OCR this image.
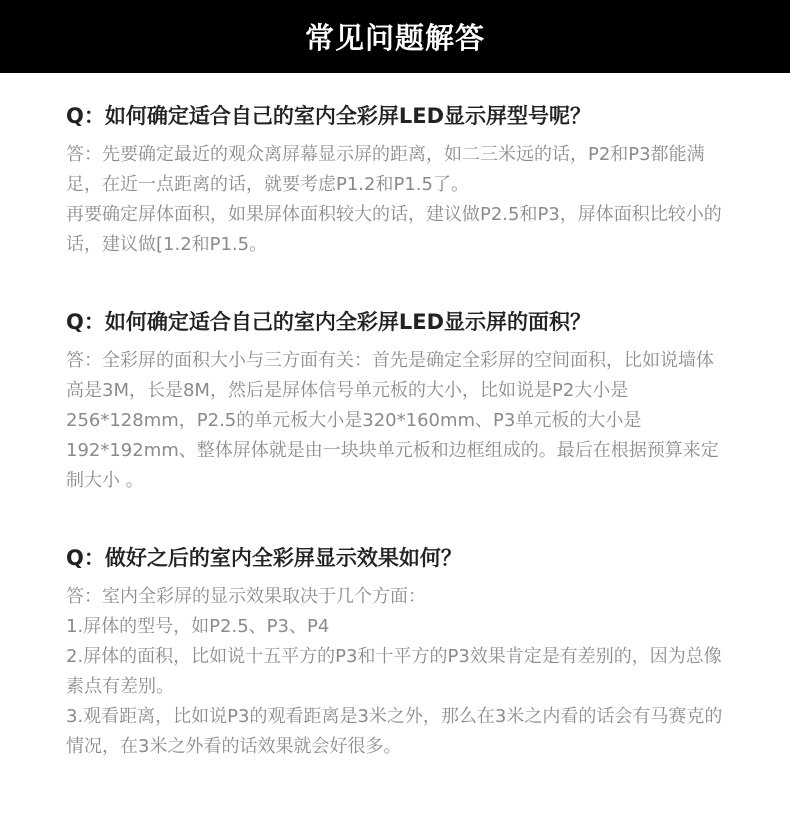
常见问题解答
Q：如何确定适合自己的室内全彩屏LED显示屏型号呢？

答：先要确定最近的观众离屏幕显示屏的距离，如二三米远的话，P2和P3都能满足，在近一点距离的话，就要考虑P1.2和P1.5了。

再要确定屏体面积，如果屏体面积较大的话，建议做P2.5和P3，屏体面积比较小的话，建议做[1.2和P1.5。

Q：如何确定适合自己的室内全彩屏LED显示屏的面积？

答：全彩屏的面积大小与三方面有关：首先是确定全彩屏的空间面积，比如说墙体高是3M，长是8M，然后是屏体信号单元板的大小，比如说是P2大小是256*128mm，P2.5的单元板大小是320*160mm、P3单元板的大小是192*192mm、整体屏体就是由一块块单元板和边框组成的。最后在根据预算来定制大小 。

Q：做好之后的室内全彩屏显示效果如何？

答：室内全彩屏的显示效果取决于几个方面：

1.屏体的型号，如P2.5、P3、P4

2.屏体的面积，比如说十五平方的P3和十平方的P3效果肯定是有差别的，因为总像素点有差别。

3.观看距离，比如说P3的观看距离是3米之外，那么在3米之内看的话会有马赛克的情况，在3米之外看的话效果就会好很多。
